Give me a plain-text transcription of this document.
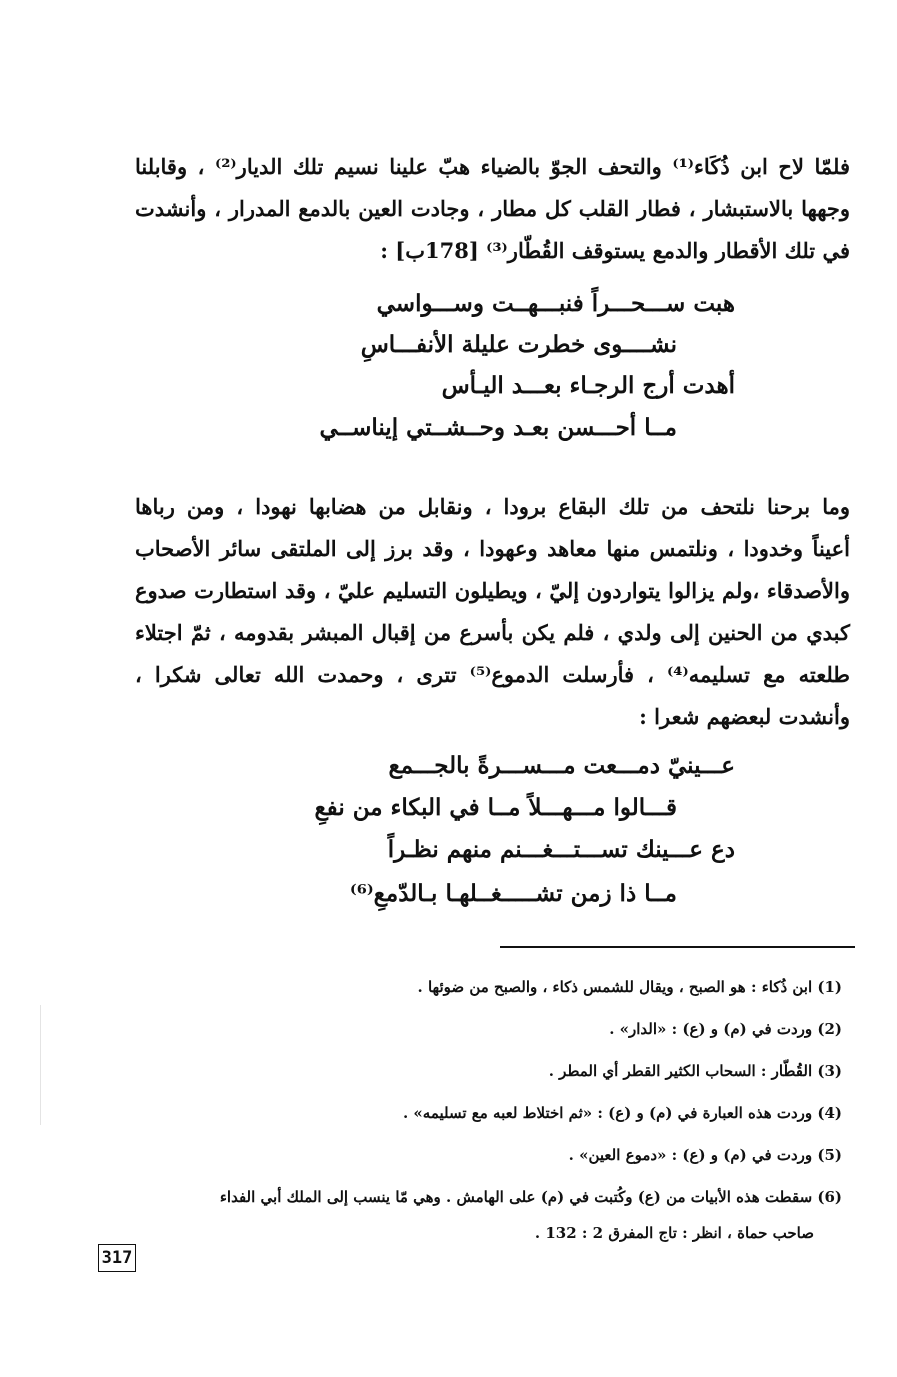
فلمّا لاح ابن ذُكَاء⁽¹⁾ والتحف الجوّ بالضياء هبّ علينا نسيم تلك الديار⁽²⁾ ، وقابلنا
وجهها بالاستبشار ، فطار القلب كل مطار ، وجادت العين بالدمع المدرار ، وأنشدت
في تلك الأقطار والدمع يستوقف القُطّار⁽³⁾ [178ب] :
هبت ســـحـــراً فنبـــهــت وســـواسي
نشــــوى خطرت عليلة الأنفـــاسِ
أهدت أرج الرجـاء بعـــد اليـأس
مــا أحـــسن بعـد وحــشــتي إيناســي
وما برحنا نلتحف من تلك البقاع برودا ، ونقابل من هضابها نهودا ، ومن رباها
أعيناً وخدودا ، ونلتمس منها معاهد وعهودا ، وقد برز إلى الملتقى سائر الأصحاب
والأصدقاء ،ولم يزالوا يتواردون إليّ ، ويطيلون التسليم عليّ ، وقد استطارت صدوع
كبدي من الحنين إلى ولدي ، فلم يكن بأسرع من إقبال المبشر بقدومه ، ثمّ اجتلاء
طلعته مع تسليمه⁽⁴⁾ ، فأرسلت الدموع⁽⁵⁾ تترى ، وحمدت الله تعالى شكرا ،
وأنشدت لبعضهم شعرا :
عـــينيّ دمـــعت مـــســـرةً بالجـــمع
قـــالوا مـــهـــلاً مــا في البكاء من نفعِ
دع عـــينك تســـتـــغـــنم منهم نظـراً
مــا ذا زمن تشـــــغــلهـا بـالدّمعِ⁽⁶⁾
(1) ابن ذُكاء : هو الصبح ، ويقال للشمس ذكاء ، والصبح من ضوئها .
(2) وردت في (م) و (ع) : «الدار» .
(3) القُطّار : السحاب الكثير القطر أي المطر .
(4) وردت هذه العبارة في (م) و (ع) : «ثم اختلاط لعبه مع تسليمه» .
(5) وردت في (م) و (ع) : «دموع العين» .
(6) سقطت هذه الأبيات من (ع) وكُتبت في (م) على الهامش . وهي مّا ينسب إلى الملك أبي الفداء
صاحب حماة ، انظر : تاج المفرق 2 : 132 .
317
